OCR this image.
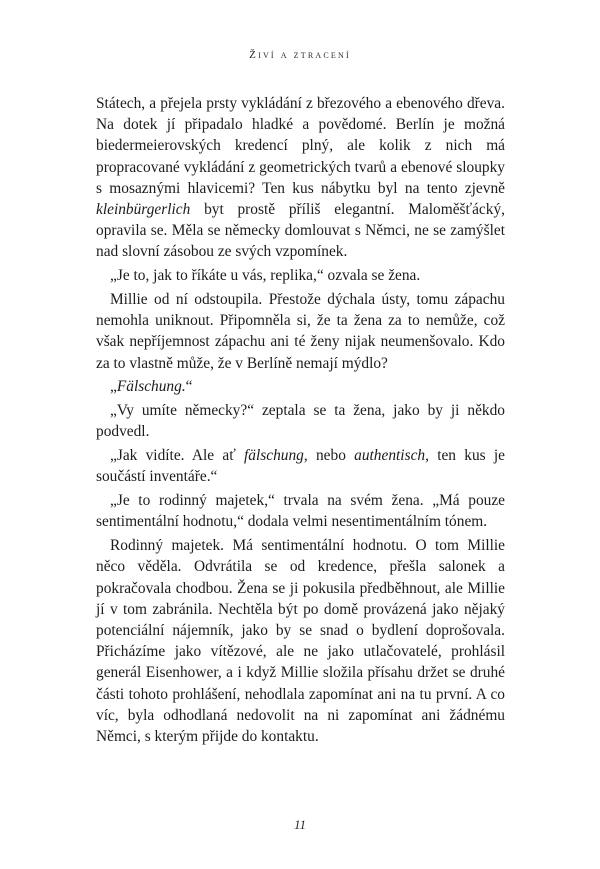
Živí a ztracení

Státech, a přejela prsty vykládání z březového a ebenového dřeva. Na dotek jí připadalo hladké a povědomé. Berlín je možná biedermeierovských kredencí plný, ale kolik z nich má propracované vykládání z geometrických tvarů a ebenové sloupky s mosaznými hlavicemi? Ten kus nábytku byl na tento zjevně kleinbürgerlich byt prostě příliš elegantní. Maloměšťácký, opravila se. Měla se německy domlouvat s Němci, ne se zamýšlet nad slovní zásobou ze svých vzpomínek.

„Je to, jak to říkáte u vás, replika,“ ozvala se žena.

Millie od ní odstoupila. Přestože dýchala ústy, tomu zápachu nemohla uniknout. Připomněla si, že ta žena za to nemůže, což však nepříjemnost zápachu ani té ženy nijak neumenšovalo. Kdo za to vlastně může, že v Berlíně nemají mýdlo?

„Fälschung.“

„Vy umíte německy?“ zeptala se ta žena, jako by ji někdo podvedl.

„Jak vidíte. Ale ať fälschung, nebo authentisch, ten kus je součástí inventáře.“

„Je to rodinný majetek,“ trvala na svém žena. „Má pouze sentimentální hodnotu,“ dodala velmi nesentimentálním tónem.

Rodinný majetek. Má sentimentální hodnotu. O tom Millie něco věděla. Odvrátila se od kredence, přešla salonek a pokračovala chodbou. Žena se ji pokusila předběhnout, ale Millie jí v tom zabránila. Nechtěla být po domě provázená jako nějaký potenciální nájemník, jako by se snad o bydlení doprošovala. Přicházíme jako vítězové, ale ne jako utlačovatelé, prohlásil generál Eisenhower, a i když Millie složila přísahu držet se druhé části tohoto prohlášení, nehodlala zapomínat ani na tu první. A co víc, byla odhodlaná nedovolit na ni zapomínat ani žádnému Němci, s kterým přijde do kontaktu.

11
